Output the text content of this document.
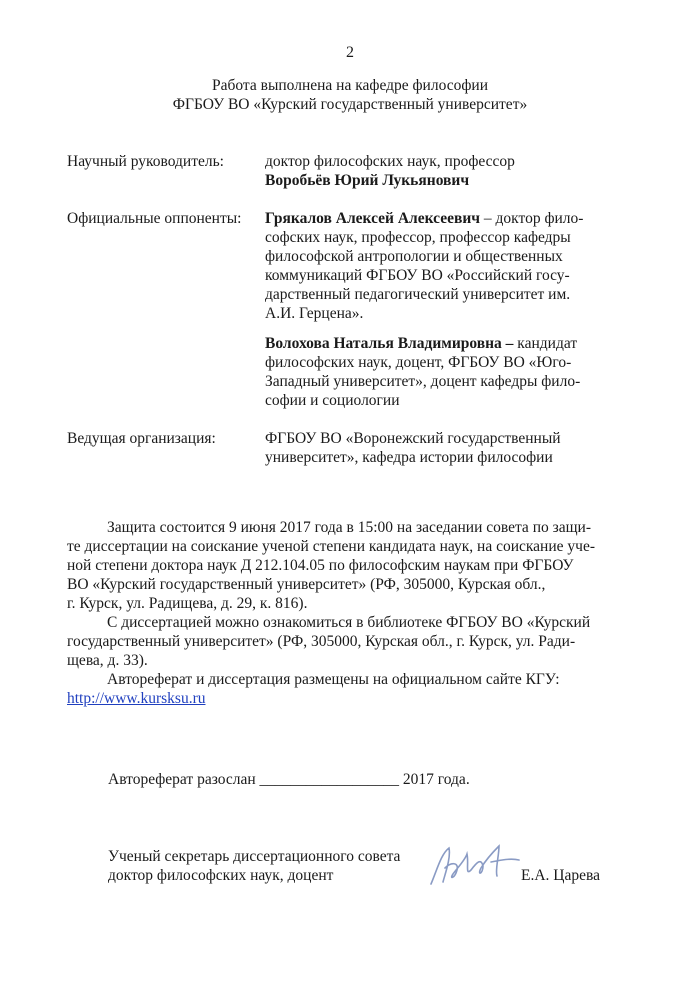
2
Работа выполнена на кафедре философии
ФГБОУ ВО «Курский государственный университет»
Научный руководитель:	доктор философских наук, профессор
Воробьёв Юрий Лукьянович
Официальные оппоненты:	Грякалов Алексей Алексеевич – доктор фило-
софских наук, профессор, профессор кафедры
философской антропологии и общественных
коммуникаций ФГБОУ ВО «Российский госу-
дарственный педагогический университет им.
А.И. Герцена».
Волохова Наталья Владимировна – кандидат
философских наук, доцент, ФГБОУ ВО «Юго-
Западный университет», доцент кафедры фило-
софии и социологии
Ведущая организация:	ФГБОУ ВО «Воронежский государственный
университет», кафедра истории философии
Защита состоится 9 июня 2017 года в 15:00 на заседании совета по защи-
те диссертации на соискание ученой степени кандидата наук, на соискание уче-
ной степени доктора наук Д 212.104.05 по философским наукам при ФГБОУ
ВО «Курский государственный университет» (РФ, 305000, Курская обл.,
г. Курск, ул. Радищева, д. 29, к. 816).
С диссертацией можно ознакомиться в библиотеке ФГБОУ ВО «Курский
государственный университет» (РФ, 305000, Курская обл., г. Курск, ул. Ради-
щева, д. 33).
Автореферат и диссертация размещены на официальном сайте КГУ:
http://www.kursksu.ru
Автореферат разослан __________________ 2017 года.
Ученый секретарь диссертационного совета
доктор философских наук, доцент	Е.А. Царева
